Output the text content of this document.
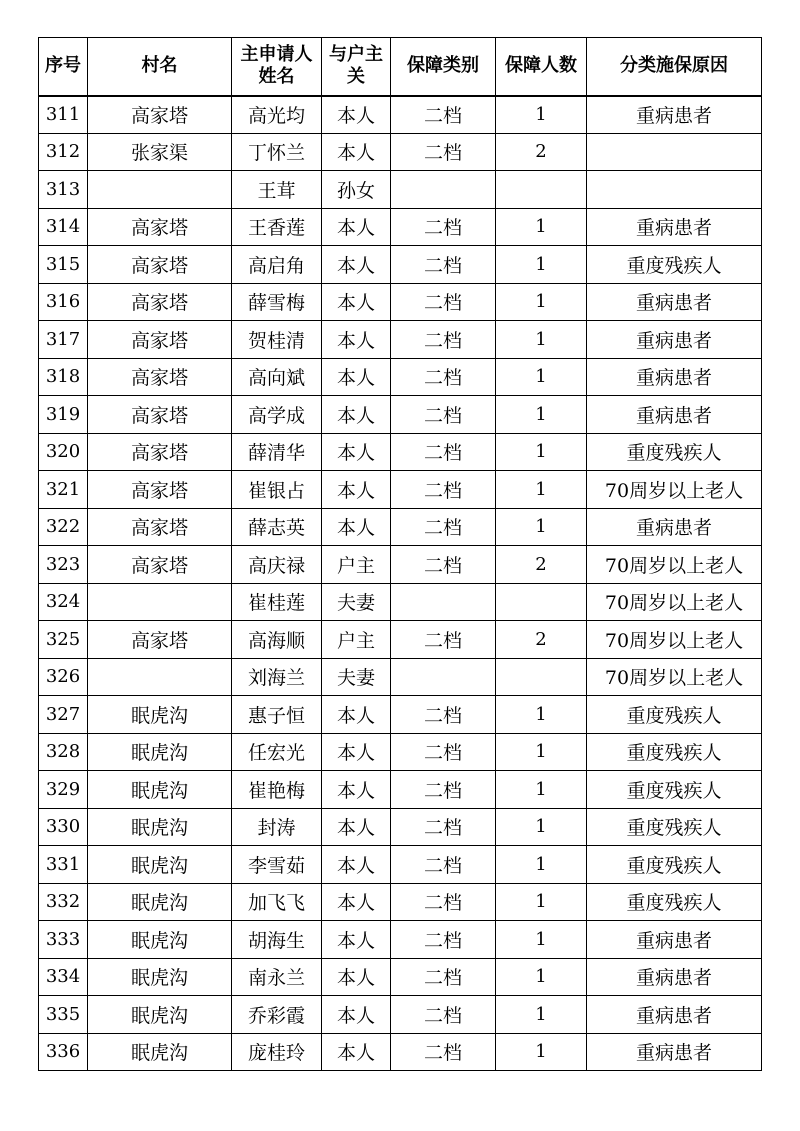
序号	村名	主申请人姓名	与户主关	保障类别	保障人数	分类施保原因
311	高家塔	高光均	本人	二档	1	重病患者
312	张家渠	丁怀兰	本人	二档	2	
313		王茸	孙女			
314	高家塔	王香莲	本人	二档	1	重病患者
315	高家塔	高启角	本人	二档	1	重度残疾人
316	高家塔	薛雪梅	本人	二档	1	重病患者
317	高家塔	贺桂清	本人	二档	1	重病患者
318	高家塔	高向斌	本人	二档	1	重病患者
319	高家塔	高学成	本人	二档	1	重病患者
320	高家塔	薛清华	本人	二档	1	重度残疾人
321	高家塔	崔银占	本人	二档	1	70周岁以上老人
322	高家塔	薛志英	本人	二档	1	重病患者
323	高家塔	高庆禄	户主	二档	2	70周岁以上老人
324		崔桂莲	夫妻			70周岁以上老人
325	高家塔	高海顺	户主	二档	2	70周岁以上老人
326		刘海兰	夫妻			70周岁以上老人
327	眠虎沟	惠子恒	本人	二档	1	重度残疾人
328	眠虎沟	任宏光	本人	二档	1	重度残疾人
329	眠虎沟	崔艳梅	本人	二档	1	重度残疾人
330	眠虎沟	封涛	本人	二档	1	重度残疾人
331	眠虎沟	李雪茹	本人	二档	1	重度残疾人
332	眠虎沟	加飞飞	本人	二档	1	重度残疾人
333	眠虎沟	胡海生	本人	二档	1	重病患者
334	眠虎沟	南永兰	本人	二档	1	重病患者
335	眠虎沟	乔彩霞	本人	二档	1	重病患者
336	眠虎沟	庞桂玲	本人	二档	1	重病患者
